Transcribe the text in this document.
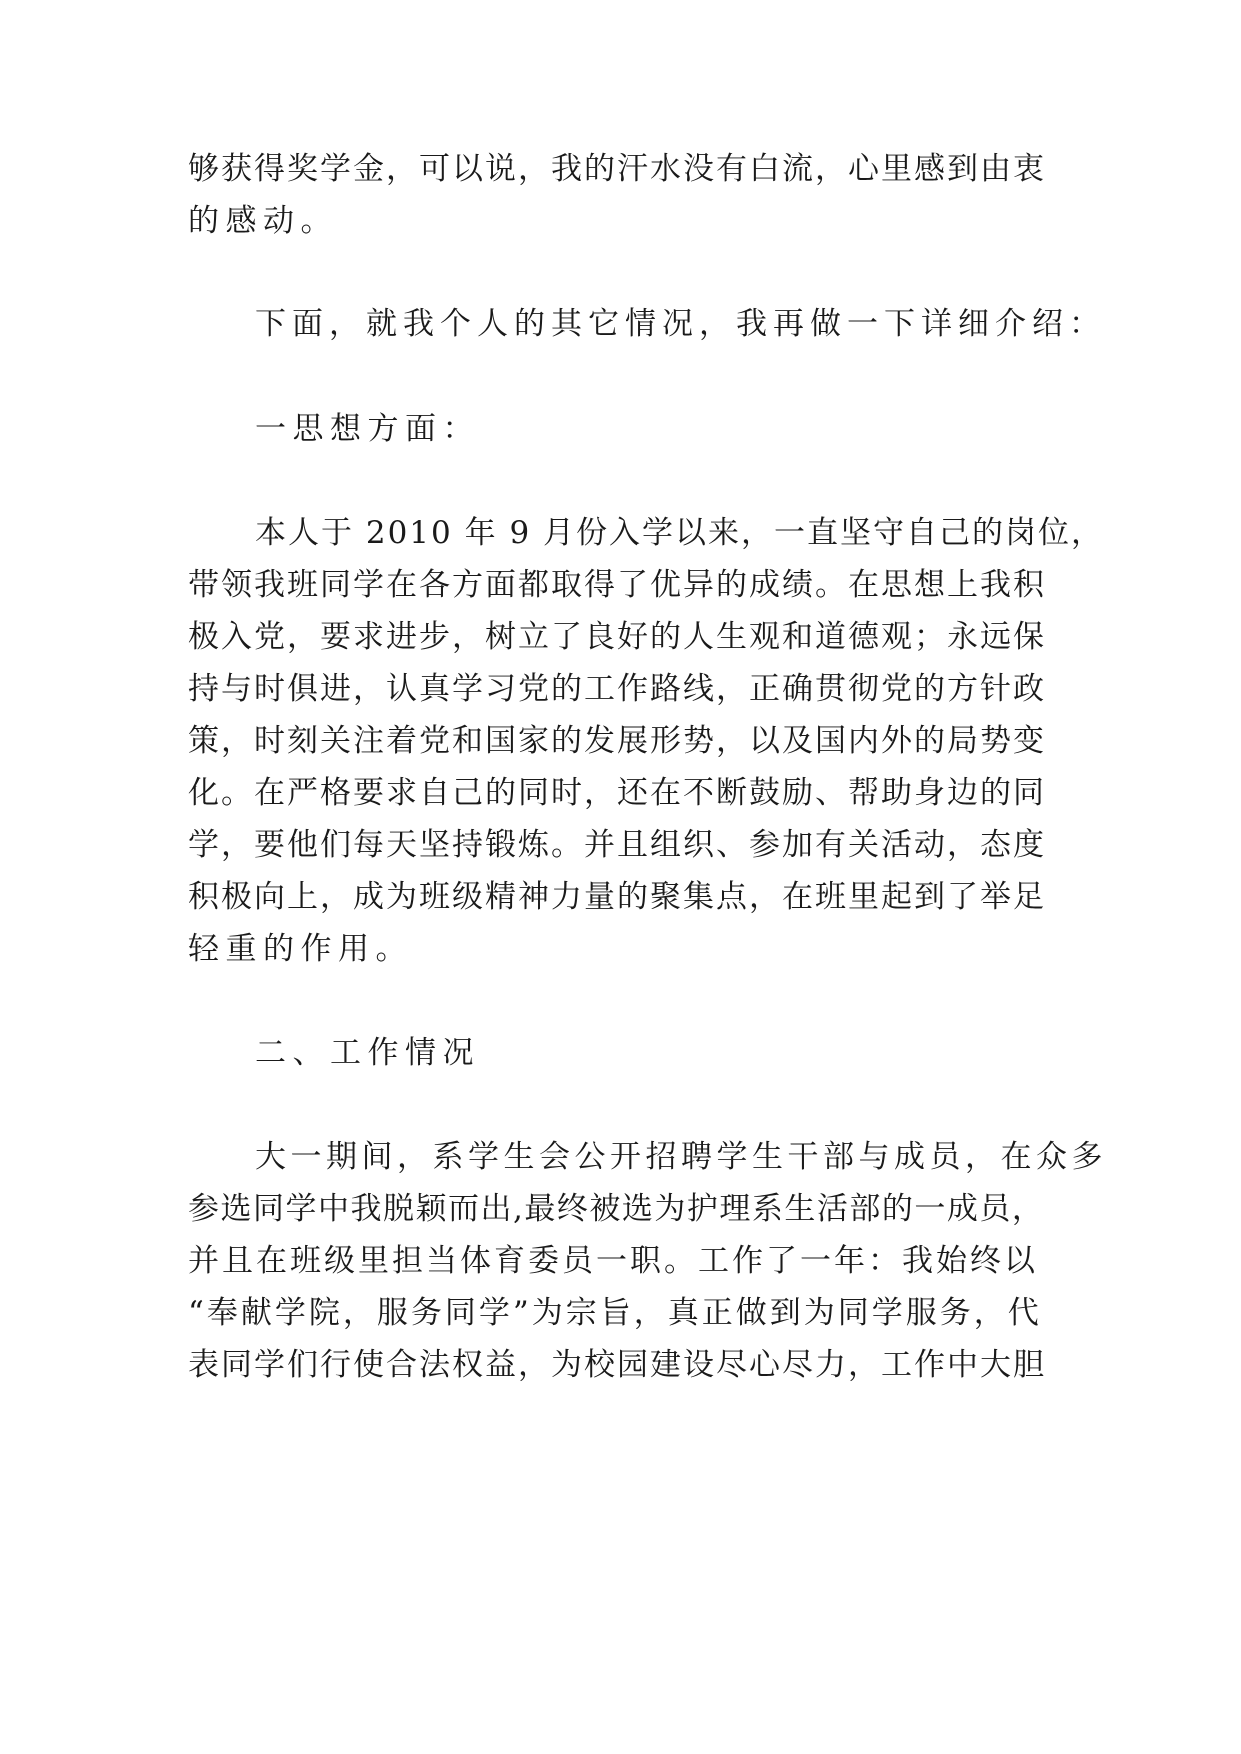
够获得奖学金，可以说，我的汗水没有白流，心里感到由衷
的感动。
下面，就我个人的其它情况，我再做一下详细介绍：
一思想方面：
本人于 2010 年 9 月份入学以来，一直坚守自己的岗位，
带领我班同学在各方面都取得了优异的成绩。在思想上我积
极入党，要求进步，树立了良好的人生观和道德观；永远保
持与时俱进，认真学习党的工作路线，正确贯彻党的方针政
策，时刻关注着党和国家的发展形势，以及国内外的局势变
化。在严格要求自己的同时，还在不断鼓励、帮助身边的同
学，要他们每天坚持锻炼。并且组织、参加有关活动，态度
积极向上，成为班级精神力量的聚集点，在班里起到了举足
轻重的作用。
二、工作情况
大一期间，系学生会公开招聘学生干部与成员，在众多
参选同学中我脱颖而出,最终被选为护理系生活部的一成员，
并且在班级里担当体育委员一职。工作了一年：我始终以
“奉献学院，服务同学”为宗旨，真正做到为同学服务，代
表同学们行使合法权益，为校园建设尽心尽力，工作中大胆
